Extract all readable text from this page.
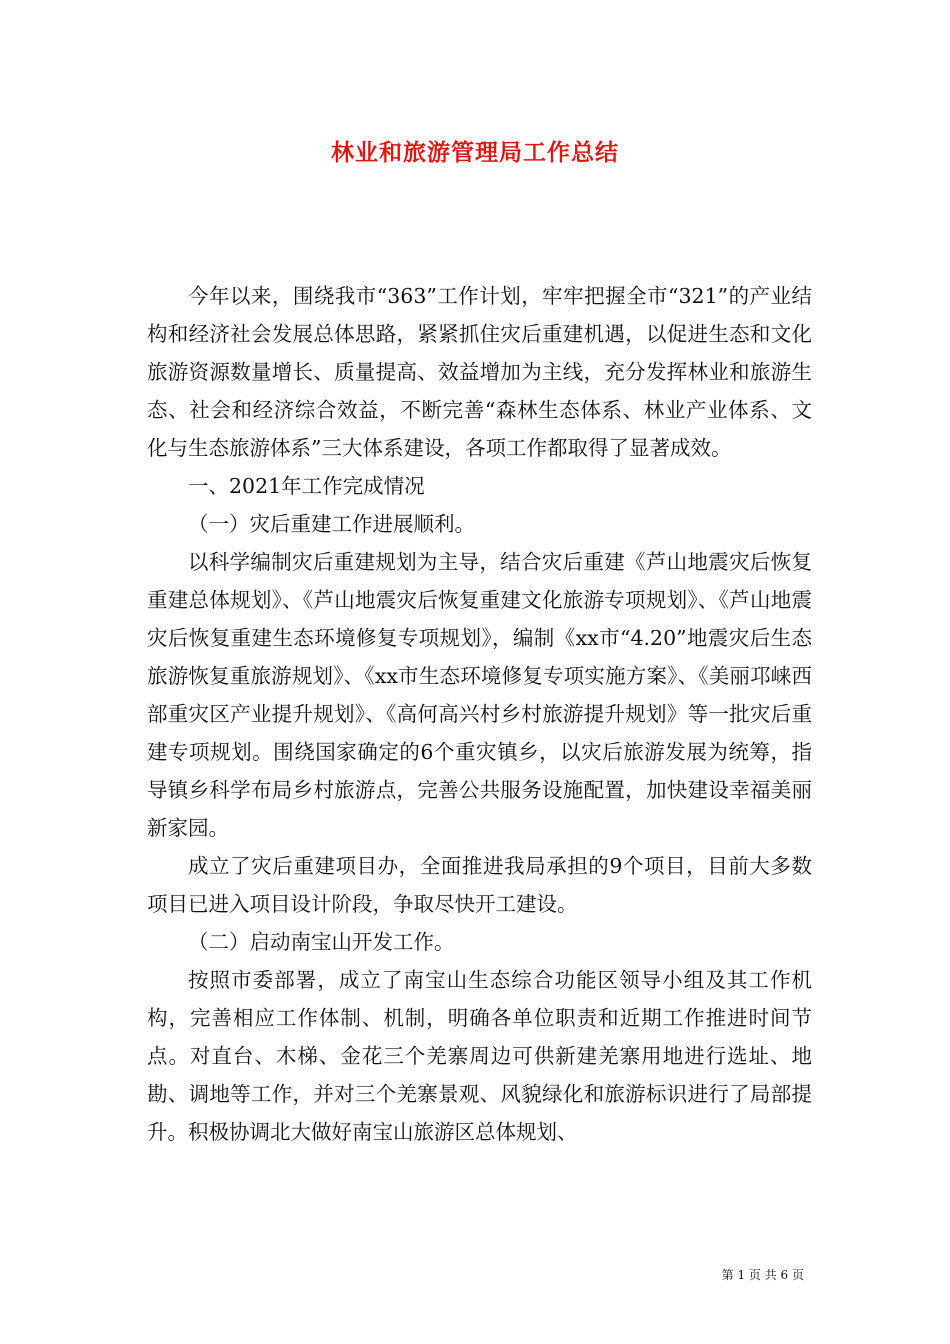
林业和旅游管理局工作总结

今年以来，围绕我市“363”工作计划，牢牢把握全市“321”的产业结构和经济社会发展总体思路，紧紧抓住灾后重建机遇，以促进生态和文化旅游资源数量增长、质量提高、效益增加为主线，充分发挥林业和旅游生态、社会和经济综合效益，不断完善“森林生态体系、林业产业体系、文化与生态旅游体系”三大体系建设，各项工作都取得了显著成效。

一、2021年工作完成情况

（一）灾后重建工作进展顺利。

以科学编制灾后重建规划为主导，结合灾后重建《芦山地震灾后恢复重建总体规划》、《芦山地震灾后恢复重建文化旅游专项规划》、《芦山地震灾后恢复重建生态环境修复专项规划》，编制《xx市“4.20”地震灾后生态旅游恢复重旅游规划》、《xx市生态环境修复专项实施方案》、《美丽邛崃西部重灾区产业提升规划》、《高何高兴村乡村旅游提升规划》等一批灾后重建专项规划。围绕国家确定的6个重灾镇乡，以灾后旅游发展为统筹，指导镇乡科学布局乡村旅游点，完善公共服务设施配置，加快建设幸福美丽新家园。

成立了灾后重建项目办，全面推进我局承担的9个项目，目前大多数项目已进入项目设计阶段，争取尽快开工建设。

（二）启动南宝山开发工作。

按照市委部署，成立了南宝山生态综合功能区领导小组及其工作机构，完善相应工作体制、机制，明确各单位职责和近期工作推进时间节点。对直台、木梯、金花三个羌寨周边可供新建羌寨用地进行选址、地勘、调地等工作，并对三个羌寨景观、风貌绿化和旅游标识进行了局部提升。积极协调北大做好南宝山旅游区总体规划、

第 1 页 共 6 页
